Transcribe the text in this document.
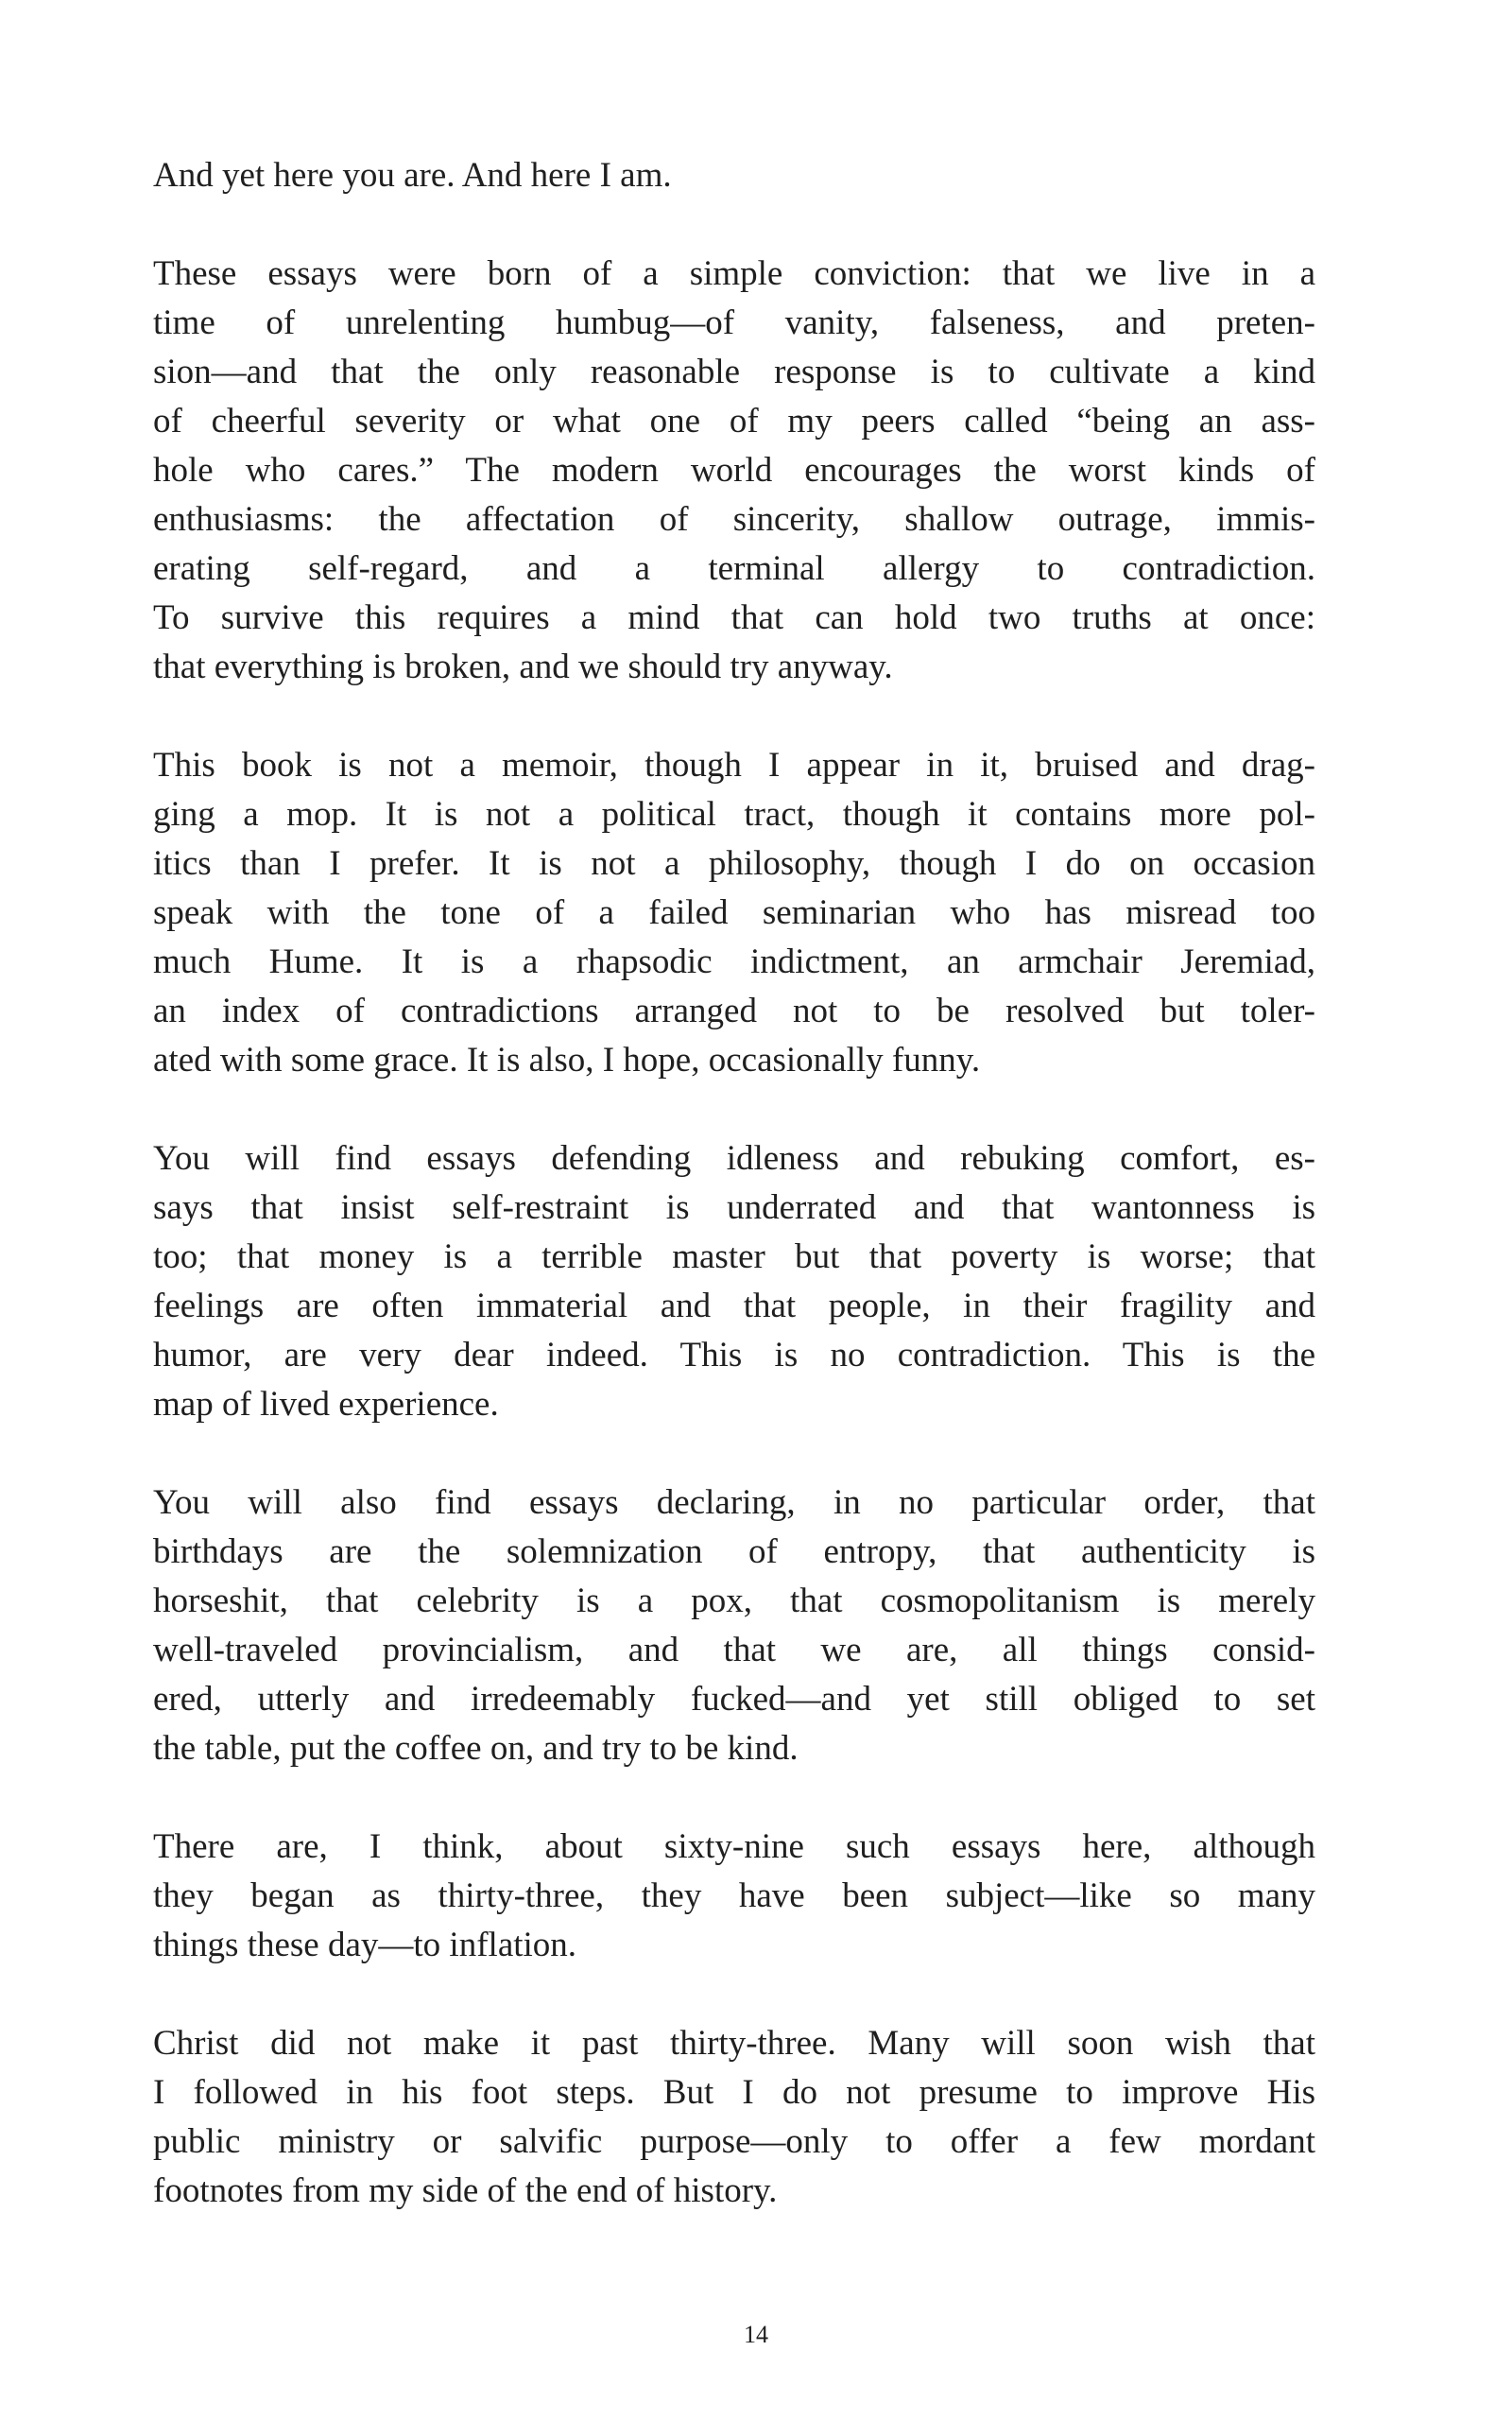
And yet here you are. And here I am.

These essays were born of a simple conviction: that we live in a
time of unrelenting humbug—of vanity, falseness, and preten-
sion—and that the only reasonable response is to cultivate a kind
of cheerful severity or what one of my peers called “being an ass-
hole who cares.” The modern world encourages the worst kinds of
enthusiasms: the affectation of sincerity, shallow outrage, immis-
erating self-regard, and a terminal allergy to contradiction.
To survive this requires a mind that can hold two truths at once:
that everything is broken, and we should try anyway.

This book is not a memoir, though I appear in it, bruised and drag-
ging a mop. It is not a political tract, though it contains more pol-
itics than I prefer. It is not a philosophy, though I do on occasion
speak with the tone of a failed seminarian who has misread too
much Hume. It is a rhapsodic indictment, an armchair Jeremiad,
an index of contradictions arranged not to be resolved but toler-
ated with some grace. It is also, I hope, occasionally funny.

You will find essays defending idleness and rebuking comfort, es-
says that insist self-restraint is underrated and that wantonness is
too; that money is a terrible master but that poverty is worse; that
feelings are often immaterial and that people, in their fragility and
humor, are very dear indeed. This is no contradiction. This is the
map of lived experience.

You will also find essays declaring, in no particular order, that
birthdays are the solemnization of entropy, that authenticity is
horseshit, that celebrity is a pox, that cosmopolitanism is merely
well-traveled provincialism, and that we are, all things consid-
ered, utterly and irredeemably fucked—and yet still obliged to set
the table, put the coffee on, and try to be kind.

There are, I think, about sixty-nine such essays here, although
they began as thirty-three, they have been subject—like so many
things these day—to inflation.

Christ did not make it past thirty-three. Many will soon wish that
I followed in his foot steps. But I do not presume to improve His
public ministry or salvific purpose—only to offer a few mordant
footnotes from my side of the end of history.

14
